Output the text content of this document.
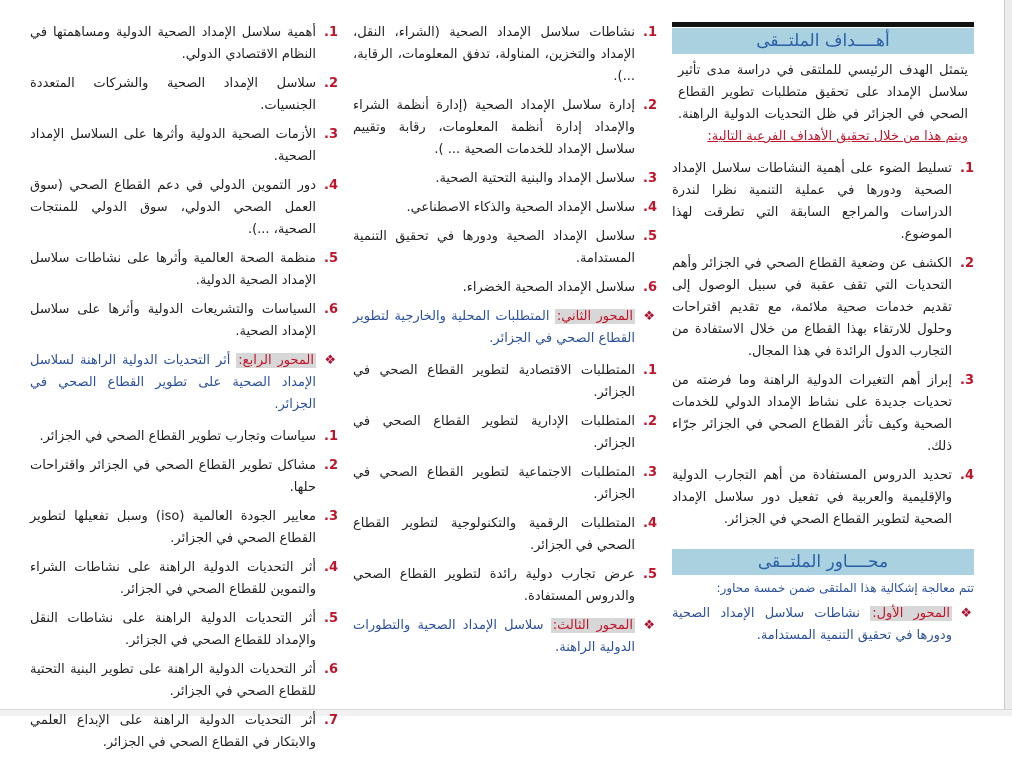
أهــــداف الملتــقى
يتمثل الهدف الرئيسي للملتقى في دراسة مدى تأثير سلاسل الإمداد على تحقيق متطلبات تطوير القطاع الصحي في الجزائر في ظل التحديات الدولية الراهنة. ويتم هذا من خلال تحقيق الأهداف الفرعية التالية:
1.
تسليط الضوء على أهمية النشاطات سلاسل الإمداد الصحية ودورها في عملية التنمية نظرا لندرة الدراسات والمراجع السابقة التي تطرقت لهذا الموضوع.
2.
الكشف عن وضعية القطاع الصحي في الجزائر وأهم التحديات التي تقف عقبة في سبيل الوصول إلى تقديم خدمات صحية ملائمة، مع تقديم اقتراحات وحلول للارتقاء بهذا القطاع من خلال الاستفادة من التجارب الدول الرائدة في هذا المجال.
3.
إبراز أهم التغيرات الدولية الراهنة وما فرضته من تحديات جديدة على نشاط الإمداد الدولي للخدمات الصحية وكيف تأثر القطاع الصحي في الجزائر جرّاء ذلك.
4.
تحديد الدروس المستفادة من أهم التجارب الدولية والإقليمية والعربية في تفعيل دور سلاسل الإمداد الصحية لتطوير القطاع الصحي في الجزائر.
محــــاور الملتــقى
تتم معالجة إشكالية هذا الملتقى ضمن خمسة محاور:
❖
المحور الأول: نشاطات سلاسل الإمداد الصحية ودورها في تحقيق التنمية المستدامة.
1.
نشاطات سلاسل الإمداد الصحية (الشراء، النقل، الإمداد والتخزين، المناولة، تدفق المعلومات، الرقابة، ...).
2.
إدارة سلاسل الإمداد الصحية (إدارة أنظمة الشراء والإمداد إدارة أنظمة المعلومات، رقابة وتقييم سلاسل الإمداد للخدمات الصحية ... ).
3.
سلاسل الإمداد والبنية التحتية الصحية.
4.
سلاسل الإمداد الصحية والذكاء الاصطناعي.
5.
سلاسل الإمداد الصحية ودورها في تحقيق التنمية المستدامة.
6.
سلاسل الإمداد الصحية الخضراء.
❖
المحور الثاني: المتطلبات المحلية والخارجية لتطوير القطاع الصحي في الجزائر.
1.
المتطلبات الاقتصادية لتطوير القطاع الصحي في الجزائر.
2.
المتطلبات الإدارية لتطوير القطاع الصحي في الجزائر.
3.
المتطلبات الاجتماعية لتطوير القطاع الصحي في الجزائر.
4.
المتطلبات الرقمية والتكنولوجية لتطوير القطاع الصحي في الجزائر.
5.
عرض تجارب دولية رائدة لتطوير القطاع الصحي والدروس المستفادة.
❖
المحور الثالث: سلاسل الإمداد الصحية والتطورات الدولية الراهنة.
1.
أهمية سلاسل الإمداد الصحية الدولية ومساهمتها في النظام الاقتصادي الدولي.
2.
سلاسل الإمداد الصحية والشركات المتعددة الجنسيات.
3.
الأزمات الصحية الدولية وأثرها على السلاسل الإمداد الصحية.
4.
دور التموين الدولي في دعم القطاع الصحي (سوق العمل الصحي الدولي، سوق الدولي للمنتجات الصحية، ...).
5.
منظمة الصحة العالمية وأثرها على نشاطات سلاسل الإمداد الصحية الدولية.
6.
السياسات والتشريعات الدولية وأثرها على سلاسل الإمداد الصحية.
❖
المحور الرابع: أثر التحديات الدولية الراهنة لسلاسل الإمداد الصحية على تطوير القطاع الصحي في الجزائر.
1.
سياسات وتجارب تطوير القطاع الصحي في الجزائر.
2.
مشاكل تطوير القطاع الصحي في الجزائر واقتراحات حلها.
3.
معايير الجودة العالمية (iso) وسبل تفعيلها لتطوير القطاع الصحي في الجزائر.
4.
أثر التحديات الدولية الراهنة على نشاطات الشراء والتموين للقطاع الصحي في الجزائر.
5.
أثر التحديات الدولية الراهنة على نشاطات النقل والإمداد للقطاع الصحي في الجزائر.
6.
أثر التحديات الدولية الراهنة على تطوير البنية التحتية للقطاع الصحي في الجزائر.
7.
أثر التحديات الدولية الراهنة على الإبداع العلمي والابتكار في القطاع الصحي في الجزائر.
